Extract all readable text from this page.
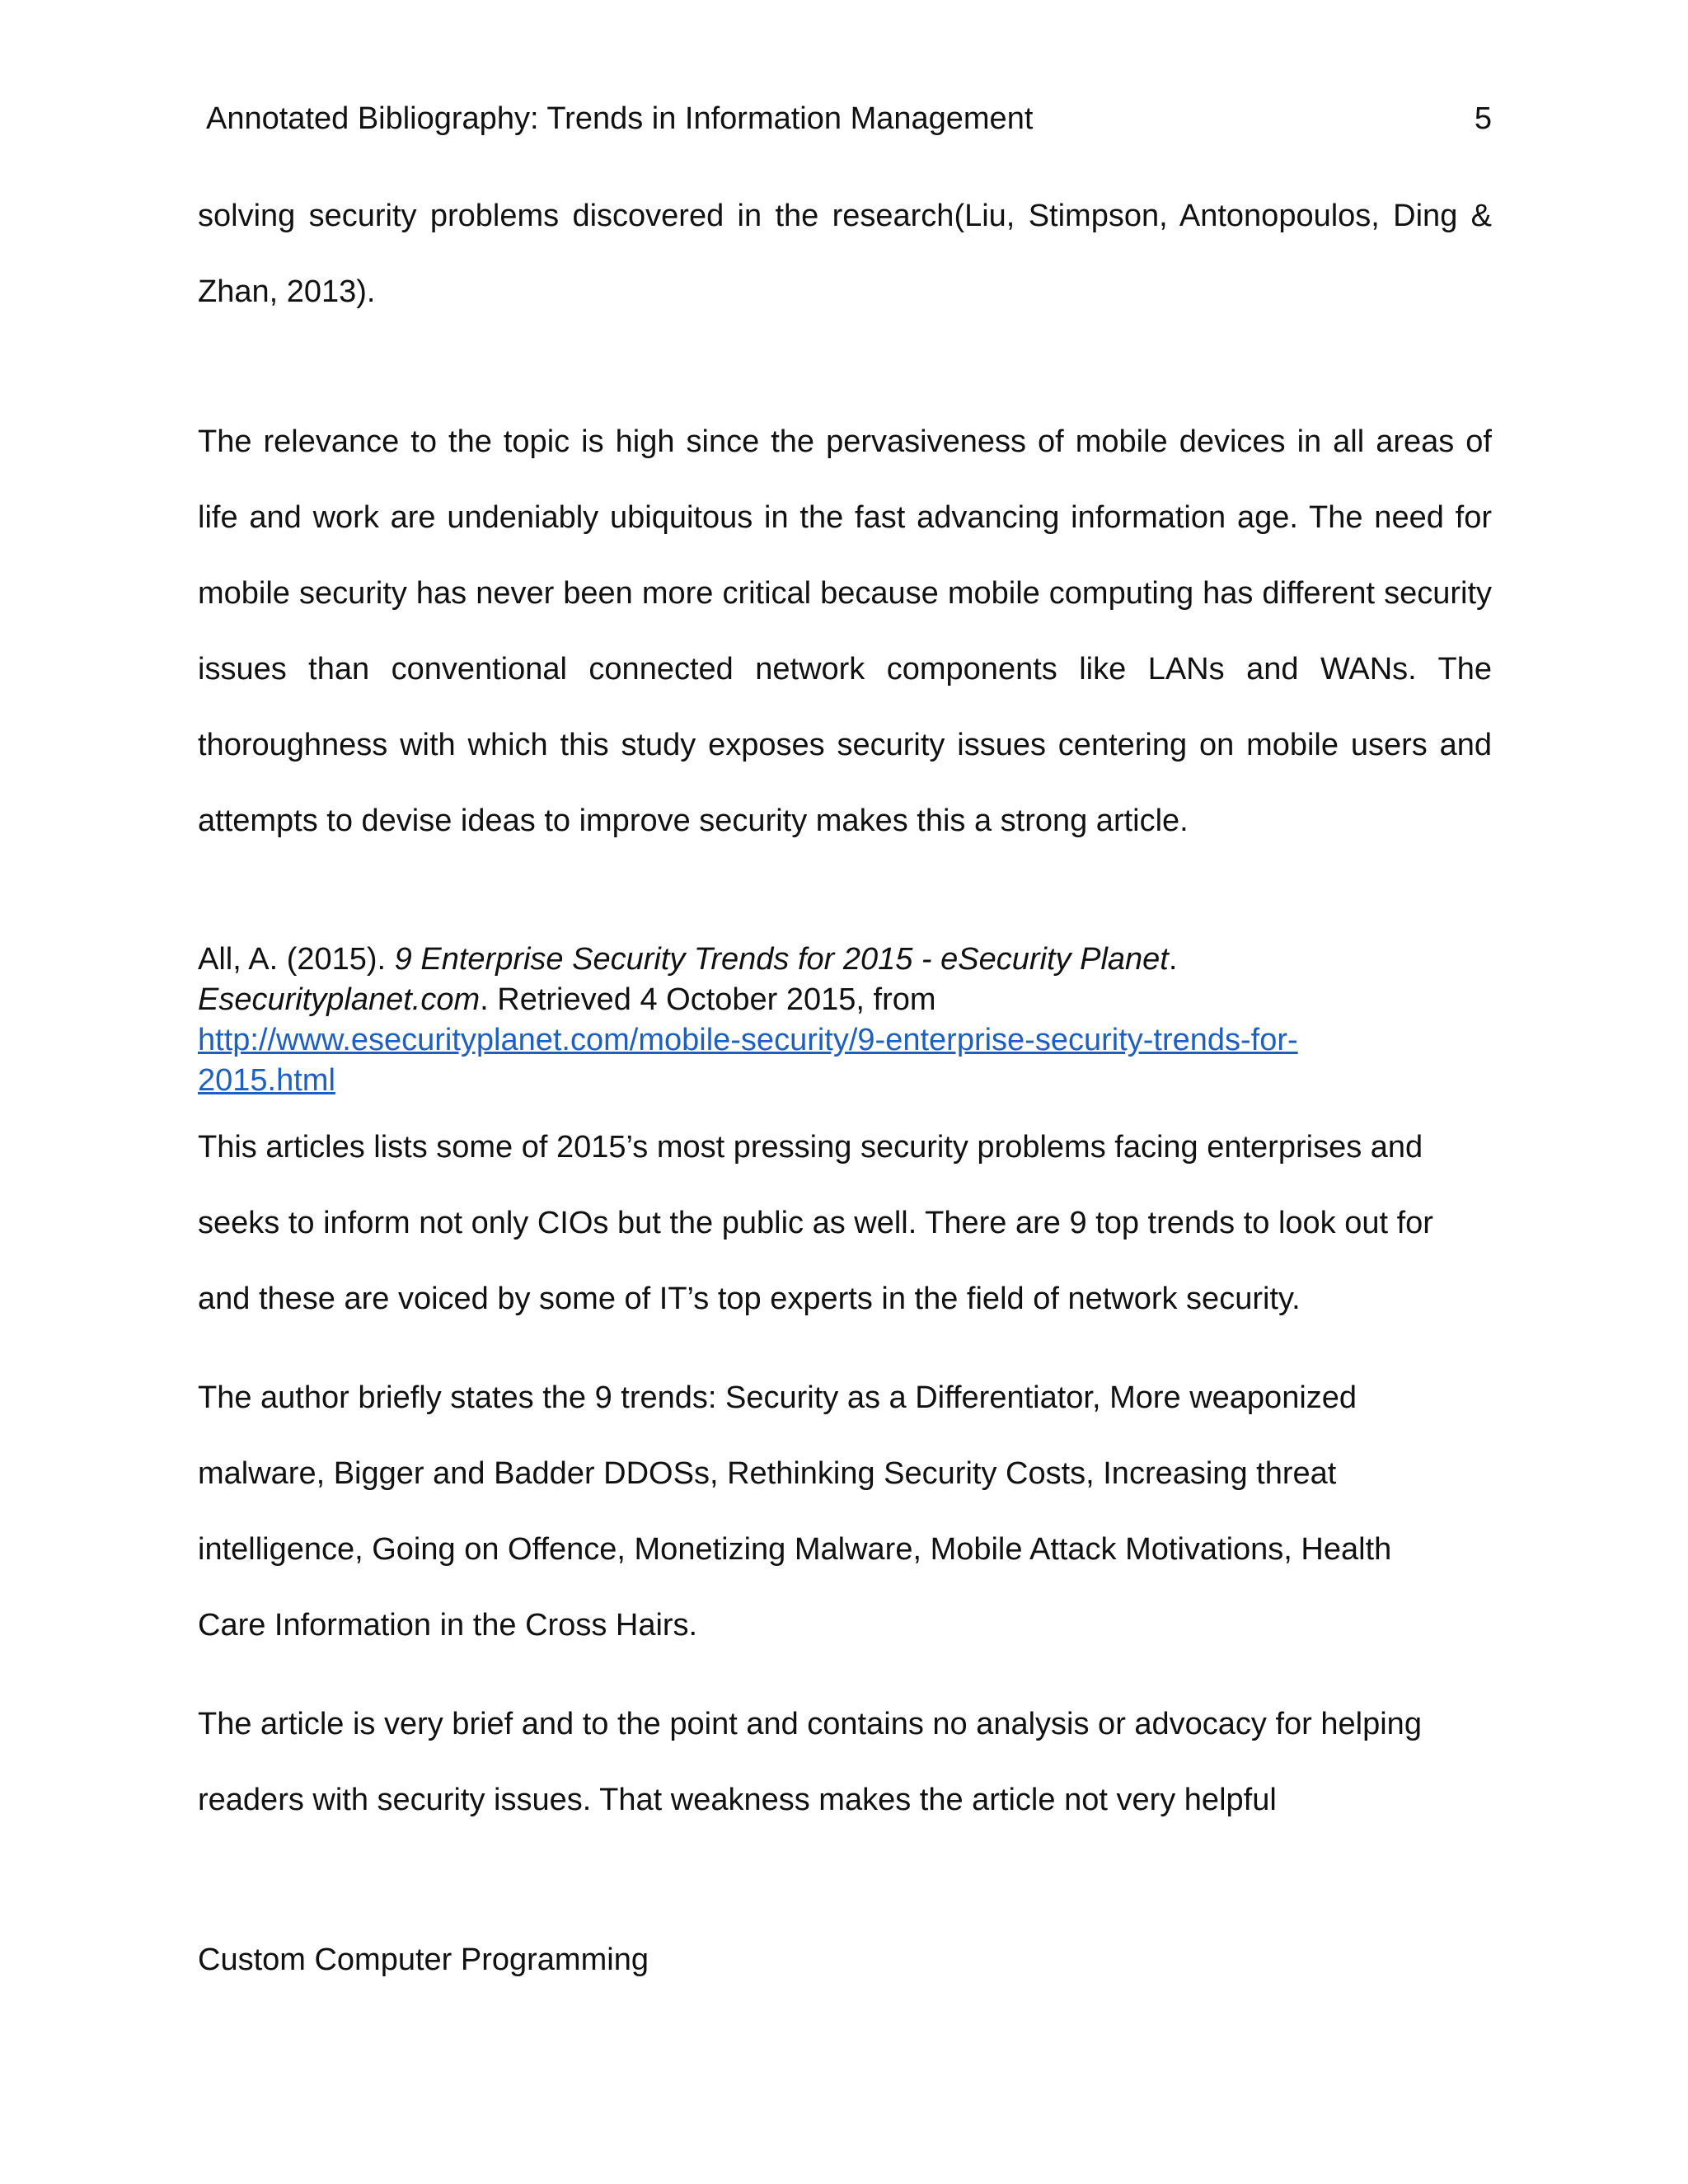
Annotated Bibliography: Trends in Information Management	5

solving security problems discovered in the research(Liu, Stimpson, Antonopoulos, Ding & Zhan, 2013).

The relevance to the topic is high since the pervasiveness of mobile devices in all areas of life and work are undeniably ubiquitous in the fast advancing information age. The need for mobile security has never been more critical because mobile computing has different security issues than conventional connected network components like LANs and WANs. The thoroughness with which this study exposes security issues centering on mobile users and attempts to devise ideas to improve security makes this a strong article.

All, A. (2015). 9 Enterprise Security Trends for 2015 - eSecurity Planet.
Esecurityplanet.com. Retrieved 4 October 2015, from
http://www.esecurityplanet.com/mobile-security/9-enterprise-security-trends-for-
2015.html

This articles lists some of 2015’s most pressing security problems facing enterprises and seeks to inform not only CIOs but the public as well. There are 9 top trends to look out for and these are voiced by some of IT’s top experts in the field of network security.

The author briefly states the 9 trends: Security as a Differentiator, More weaponized malware, Bigger and Badder DDOSs, Rethinking Security Costs, Increasing threat intelligence, Going on Offence, Monetizing Malware, Mobile Attack Motivations, Health Care Information in the Cross Hairs.

The article is very brief and to the point and contains no analysis or advocacy for helping readers with security issues. That weakness makes the article not very helpful

Custom Computer Programming
